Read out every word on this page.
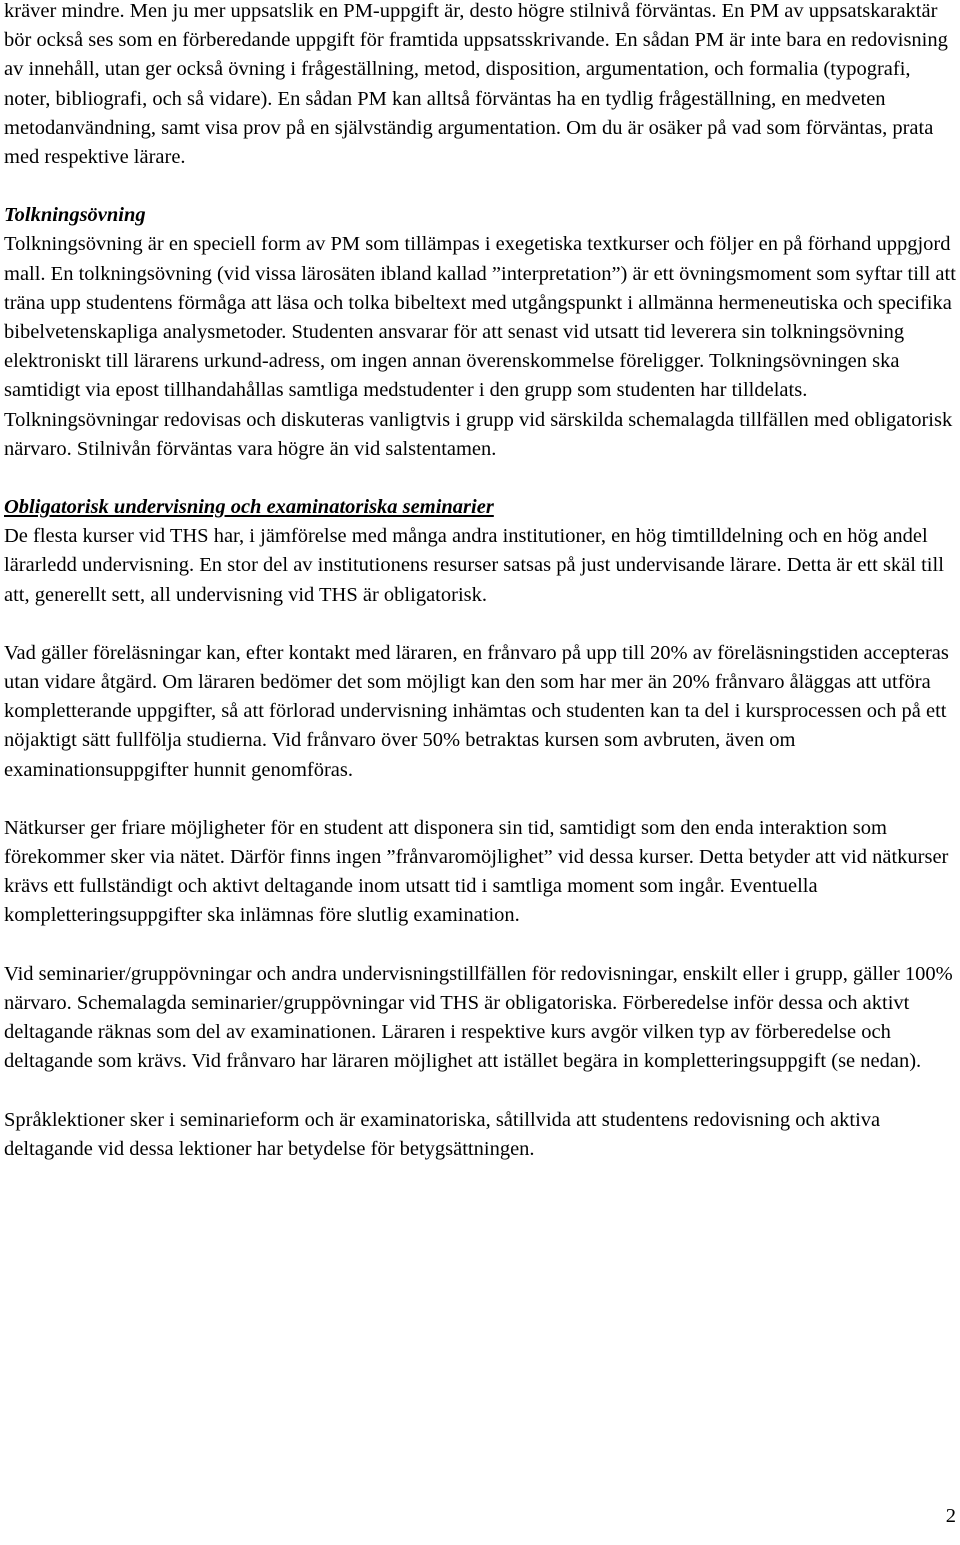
kräver mindre. Men ju mer uppsatslik en PM-uppgift är, desto högre stilnivå förväntas. En PM av uppsatskaraktär bör också ses som en förberedande uppgift för framtida uppsatsskrivande. En sådan PM är inte bara en redovisning av innehåll, utan ger också övning i frågeställning, metod, disposition, argumentation, och formalia (typografi, noter, bibliografi, och så vidare). En sådan PM kan alltså förväntas ha en tydlig frågeställning, en medveten metodanvändning, samt visa prov på en självständig argumentation. Om du är osäker på vad som förväntas, prata med respektive lärare.

Tolkningsövning

Tolkningsövning är en speciell form av PM som tillämpas i exegetiska textkurser och följer en på förhand uppgjord mall. En tolkningsövning (vid vissa lärosäten ibland kallad ”interpretation”) är ett övningsmoment som syftar till att träna upp studentens förmåga att läsa och tolka bibeltext med utgångspunkt i allmänna hermeneutiska och specifika bibelvetenskapliga analysmetoder. Studenten ansvarar för att senast vid utsatt tid leverera sin tolkningsövning elektroniskt till lärarens urkund-adress, om ingen annan överenskommelse föreligger. Tolkningsövningen ska samtidigt via epost tillhandahållas samtliga medstudenter i den grupp som studenten har tilldelats. Tolkningsövningar redovisas och diskuteras vanligtvis i grupp vid särskilda schemalagda tillfällen med obligatorisk närvaro. Stilnivån förväntas vara högre än vid salstentamen.

Obligatorisk undervisning och examinatoriska seminarier

De flesta kurser vid THS har, i jämförelse med många andra institutioner, en hög timtilldelning och en hög andel lärarledd undervisning. En stor del av institutionens resurser satsas på just undervisande lärare. Detta är ett skäl till att, generellt sett, all undervisning vid THS är obligatorisk.

Vad gäller föreläsningar kan, efter kontakt med läraren, en frånvaro på upp till 20% av föreläsningstiden accepteras utan vidare åtgärd. Om läraren bedömer det som möjligt kan den som har mer än 20% frånvaro åläggas att utföra kompletterande uppgifter, så att förlorad undervisning inhämtas och studenten kan ta del i kursprocessen och på ett nöjaktigt sätt fullfölja studierna. Vid frånvaro över 50% betraktas kursen som avbruten, även om examinationsuppgifter hunnit genomföras.

Nätkurser ger friare möjligheter för en student att disponera sin tid, samtidigt som den enda interaktion som förekommer sker via nätet. Därför finns ingen ”frånvaromöjlighet” vid dessa kurser. Detta betyder att vid nätkurser krävs ett fullständigt och aktivt deltagande inom utsatt tid i samtliga moment som ingår. Eventuella kompletteringsuppgifter ska inlämnas före slutlig examination.

Vid seminarier/gruppövningar och andra undervisningstillfällen för redovisningar, enskilt eller i grupp, gäller 100% närvaro. Schemalagda seminarier/gruppövningar vid THS är obligatoriska. Förberedelse inför dessa och aktivt deltagande räknas som del av examinationen. Läraren i respektive kurs avgör vilken typ av förberedelse och deltagande som krävs. Vid frånvaro har läraren möjlighet att istället begära in kompletteringsuppgift (se nedan).

Språklektioner sker i seminarieform och är examinatoriska, såtillvida att studentens redovisning och aktiva deltagande vid dessa lektioner har betydelse för betygsättningen.

2
